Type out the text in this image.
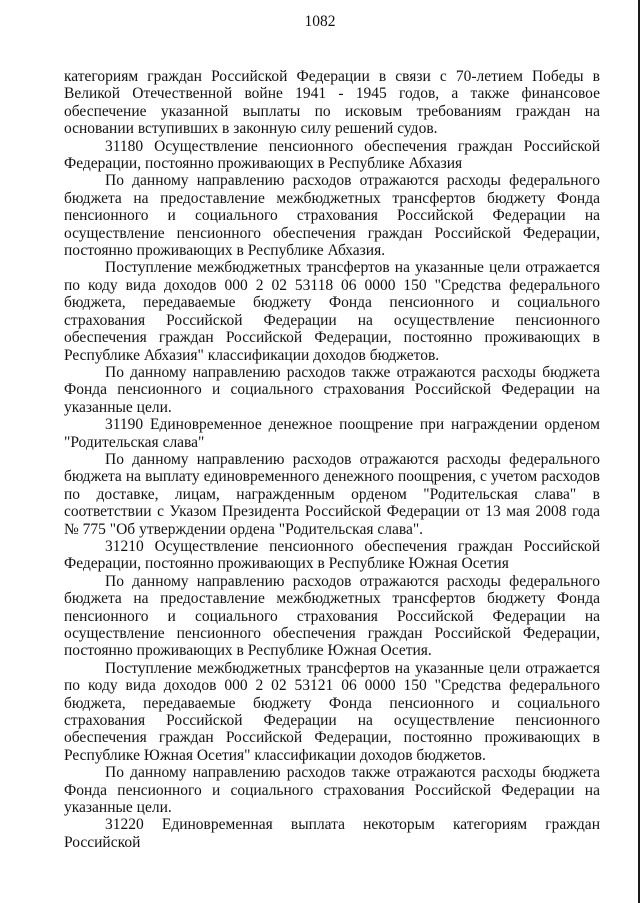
1082

категориям граждан Российской Федерации в связи с 70-летием Победы в Великой Отечественной войне 1941 - 1945 годов, а также финансовое обеспечение указанной выплаты по исковым требованиям граждан на основании вступивших в законную силу решений судов.

31180 Осуществление пенсионного обеспечения граждан Российской Федерации, постоянно проживающих в Республике Абхазия

По данному направлению расходов отражаются расходы федерального бюджета на предоставление межбюджетных трансфертов бюджету Фонда пенсионного и социального страхования Российской Федерации на осуществление пенсионного обеспечения граждан Российской Федерации, постоянно проживающих в Республике Абхазия.

Поступление межбюджетных трансфертов на указанные цели отражается по коду вида доходов 000 2 02 53118 06 0000 150 "Средства федерального бюджета, передаваемые бюджету Фонда пенсионного и социального страхования Российской Федерации на осуществление пенсионного обеспечения граждан Российской Федерации, постоянно проживающих в Республике Абхазия" классификации доходов бюджетов.

По данному направлению расходов также отражаются расходы бюджета Фонда пенсионного и социального страхования Российской Федерации на указанные цели.

31190 Единовременное денежное поощрение при награждении орденом "Родительская слава"

По данному направлению расходов отражаются расходы федерального бюджета на выплату единовременного денежного поощрения, с учетом расходов по доставке, лицам, награжденным орденом "Родительская слава" в соответствии с Указом Президента Российской Федерации от 13 мая 2008 года № 775 "Об утверждении ордена "Родительская слава".

31210 Осуществление пенсионного обеспечения граждан Российской Федерации, постоянно проживающих в Республике Южная Осетия

По данному направлению расходов отражаются расходы федерального бюджета на предоставление межбюджетных трансфертов бюджету Фонда пенсионного и социального страхования Российской Федерации на осуществление пенсионного обеспечения граждан Российской Федерации, постоянно проживающих в Республике Южная Осетия.

Поступление межбюджетных трансфертов на указанные цели отражается по коду вида доходов 000 2 02 53121 06 0000 150 "Средства федерального бюджета, передаваемые бюджету Фонда пенсионного и социального страхования Российской Федерации на осуществление пенсионного обеспечения граждан Российской Федерации, постоянно проживающих в Республике Южная Осетия" классификации доходов бюджетов.

По данному направлению расходов также отражаются расходы бюджета Фонда пенсионного и социального страхования Российской Федерации на указанные цели.

31220 Единовременная выплата некоторым категориям граждан Российской
